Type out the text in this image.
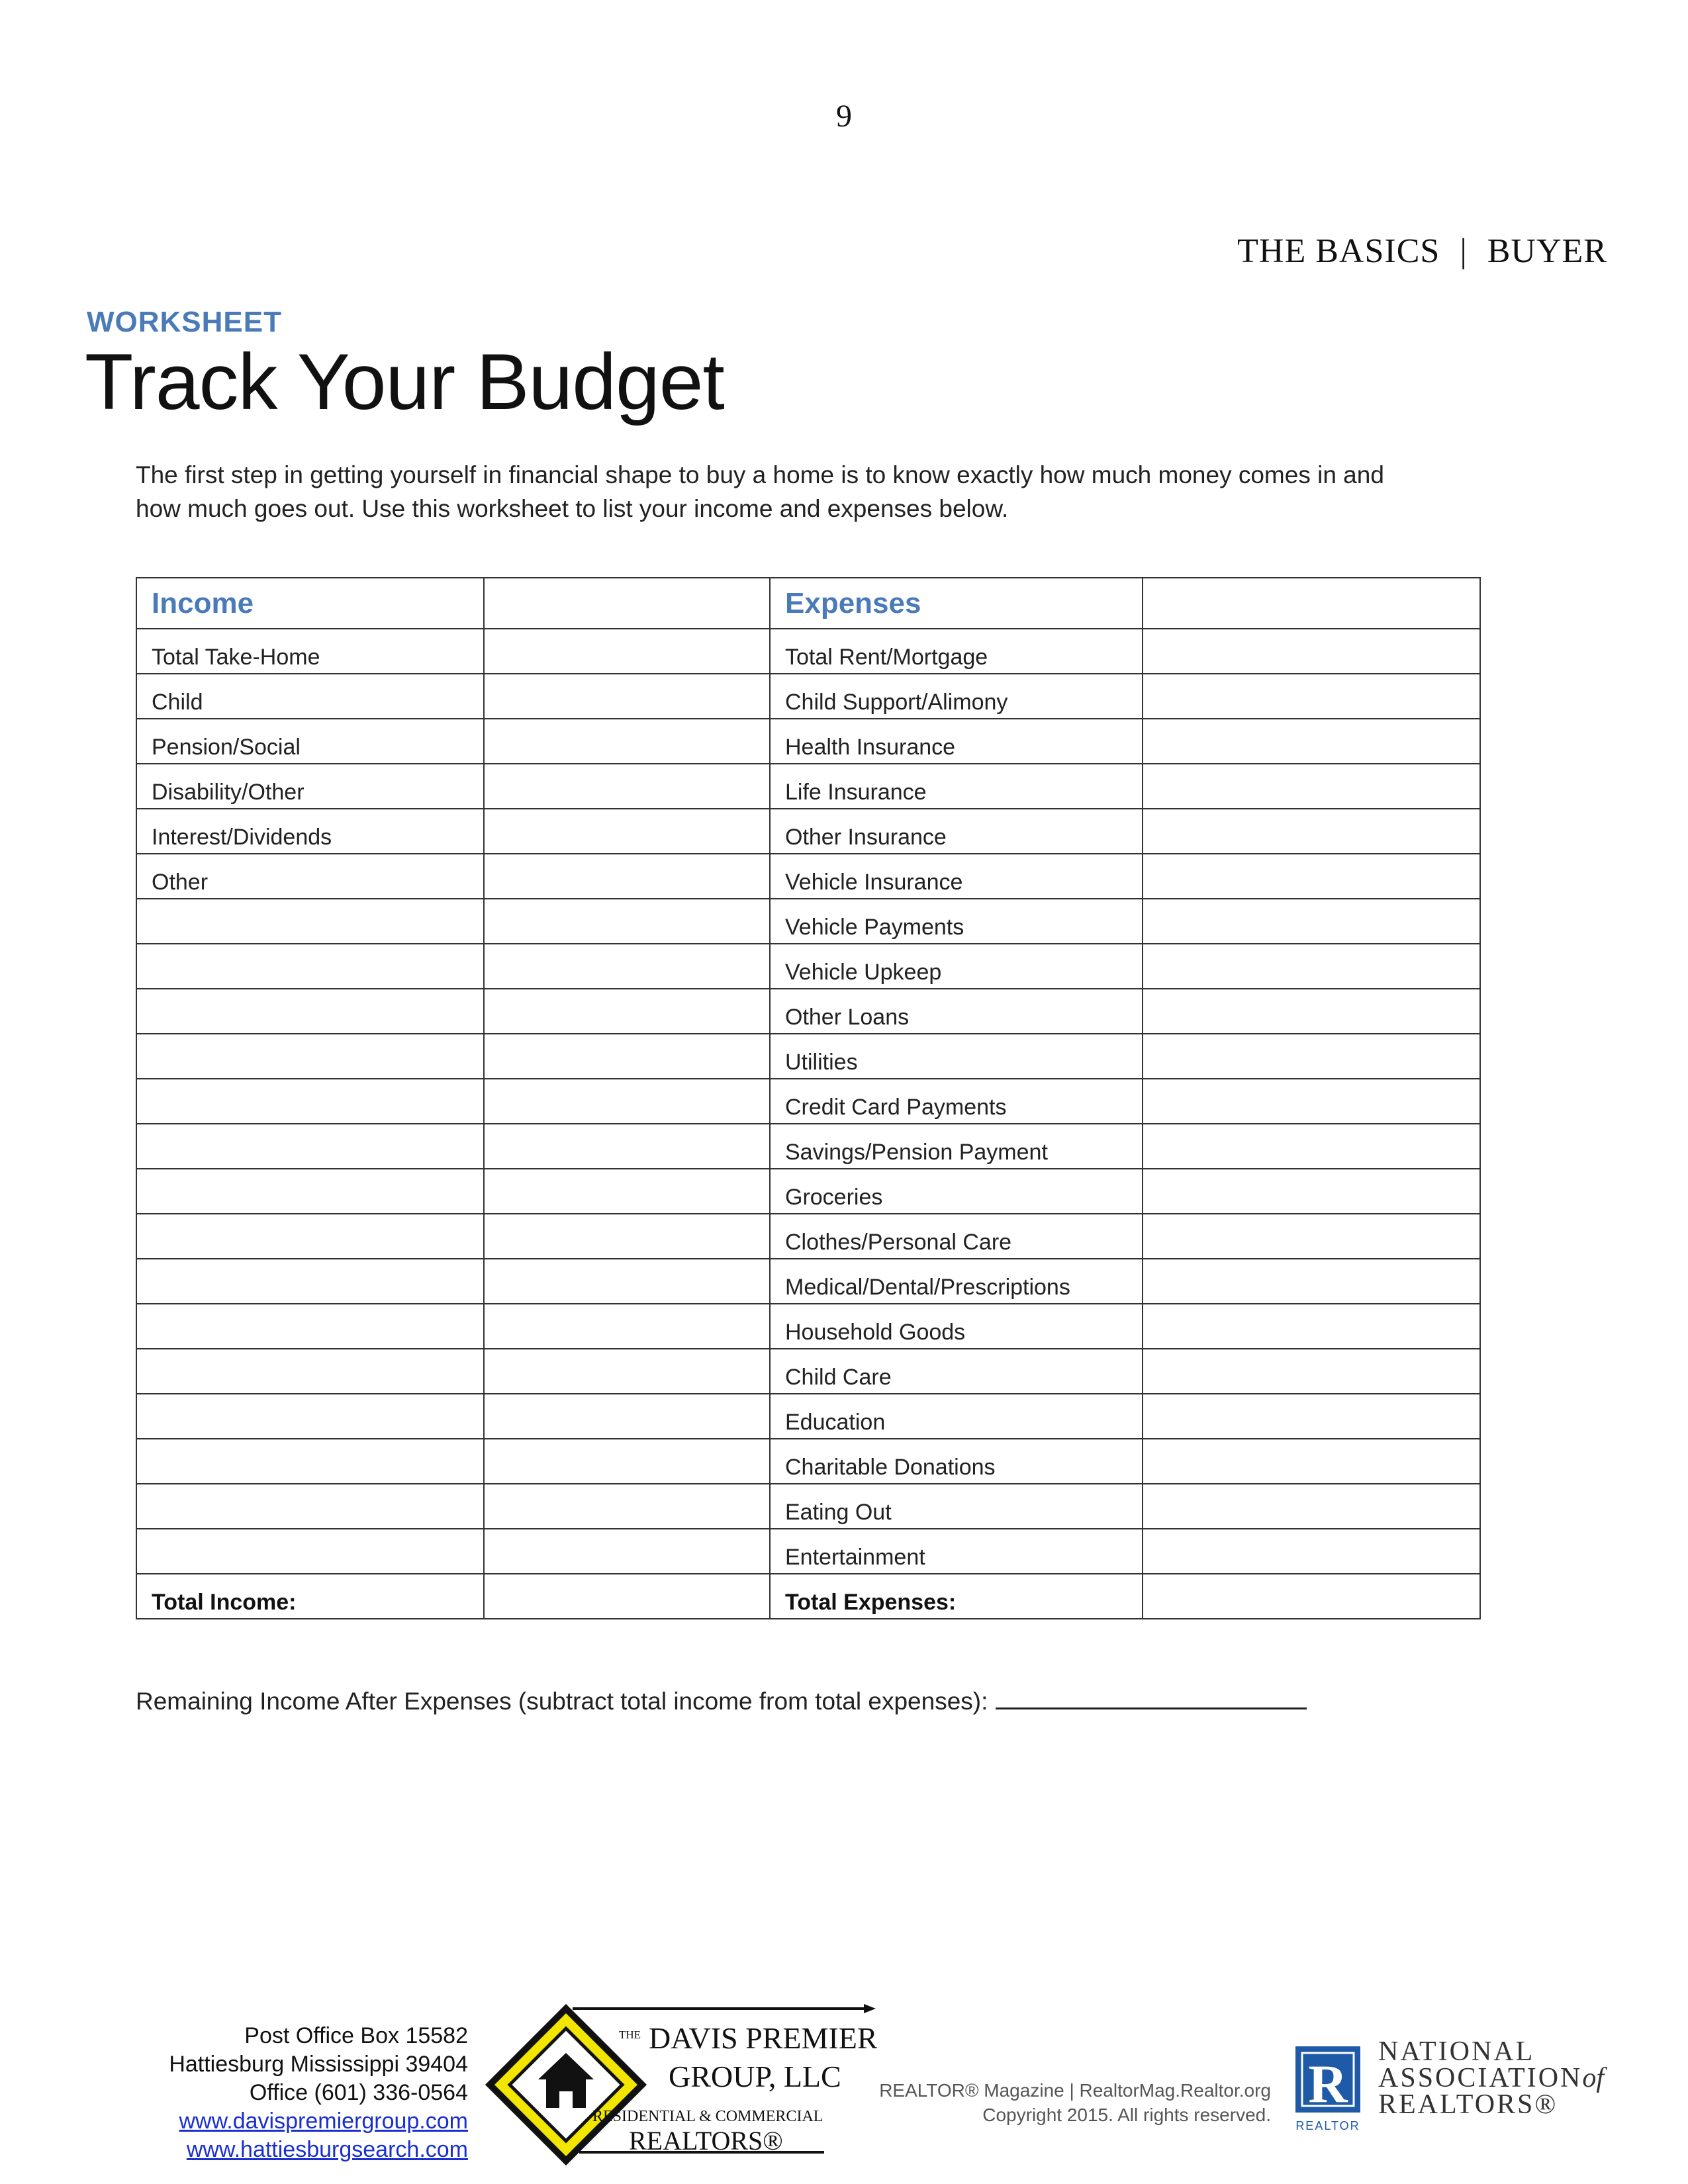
9
THE BASICS | BUYER
WORKSHEET
Track Your Budget
The first step in getting yourself in financial shape to buy a home is to know exactly how much money comes in and
how much goes out. Use this worksheet to list your income and expenses below.
Income		Expenses	
Total Take-Home		Total Rent/Mortgage	
Child		Child Support/Alimony	
Pension/Social		Health Insurance	
Disability/Other		Life Insurance	
Interest/Dividends		Other Insurance	
Other		Vehicle Insurance	
		Vehicle Payments	
		Vehicle Upkeep	
		Other Loans	
		Utilities	
		Credit Card Payments	
		Savings/Pension Payment	
		Groceries	
		Clothes/Personal Care	
		Medical/Dental/Prescriptions	
		Household Goods	
		Child Care	
		Education	
		Charitable Donations	
		Eating Out	
		Entertainment	
Total Income:		Total Expenses:	
Remaining Income After Expenses (subtract total income from total expenses):
Post Office Box 15582
Hattiesburg Mississippi 39404
Office (601) 336-0564
www.davispremiergroup.com
www.hattiesburgsearch.com
THE DAVIS PREMIER
GROUP, LLC
RESIDENTIAL & COMMERCIAL
REALTORS®
REALTOR® Magazine | RealtorMag.Realtor.org
Copyright 2015. All rights reserved.
R
REALTOR
NATIONAL
ASSOCIATIONof
REALTORS®
